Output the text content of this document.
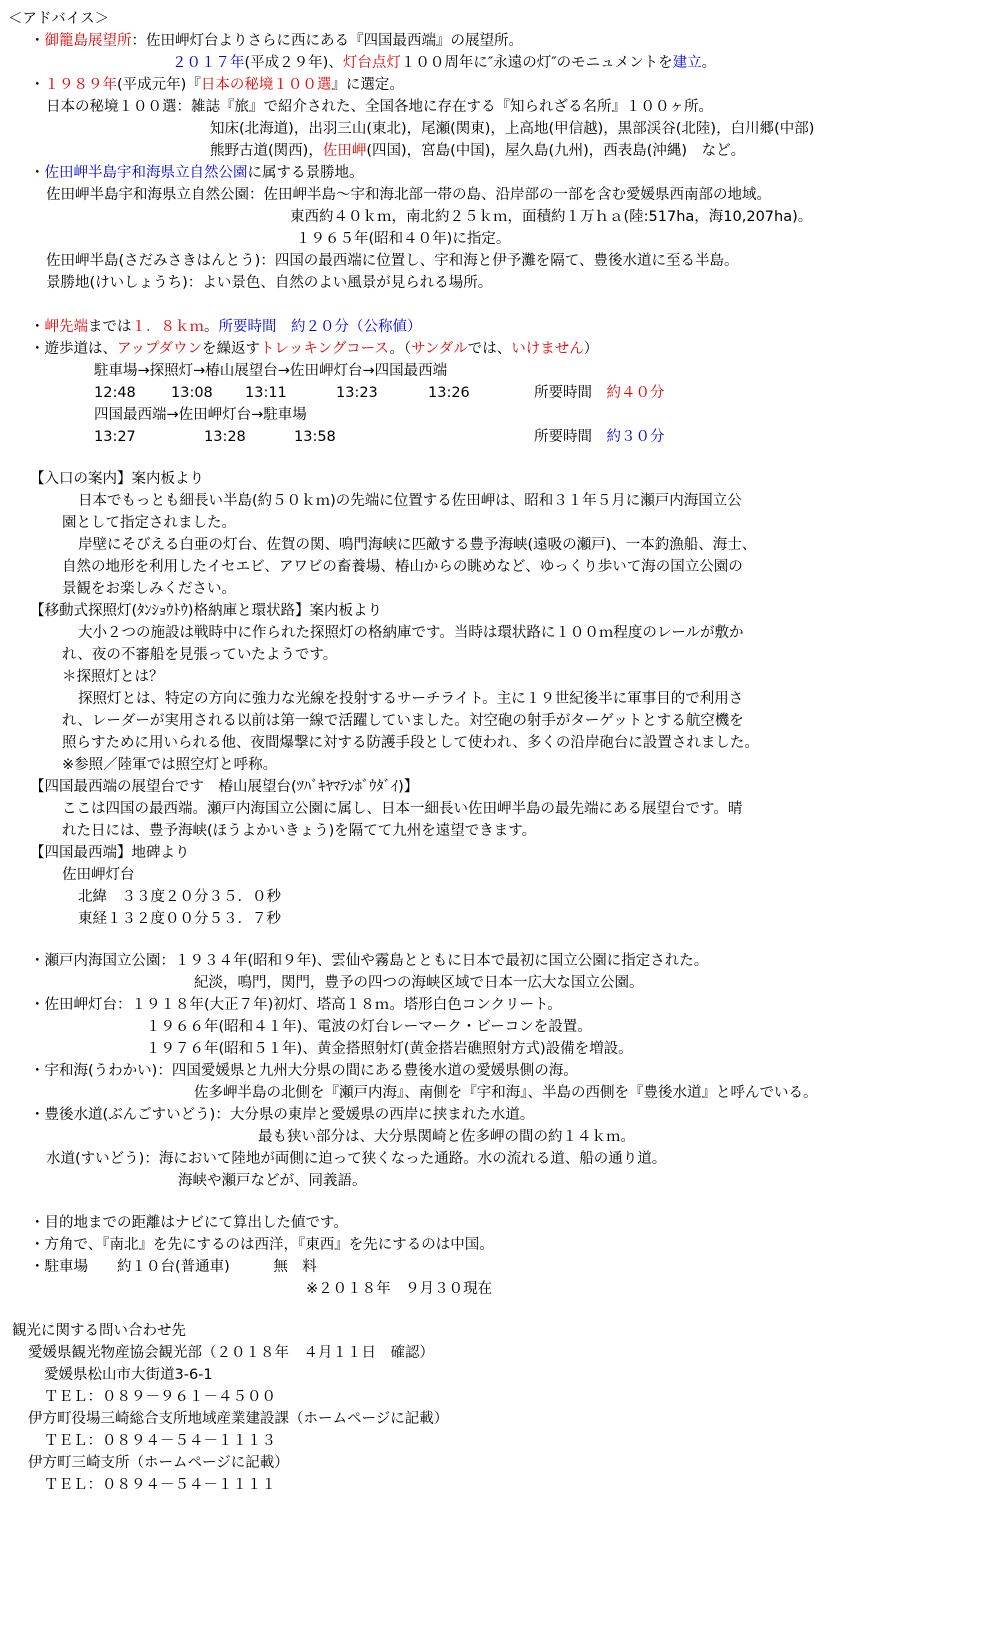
＜アドバイス＞
・御籠島展望所：佐田岬灯台よりさらに西にある『四国最西端』の展望所。
２０１７年(平成２９年)、灯台点灯１００周年に″永遠の灯″のモニュメントを建立。
・１９８９年(平成元年)『日本の秘境１００選』に選定。
日本の秘境１００選：雑誌『旅』で紹介された、全国各地に存在する『知られざる名所』１００ヶ所。
知床(北海道)，出羽三山(東北)，尾瀬(関東)，上高地(甲信越)，黒部渓谷(北陸)，白川郷(中部)
熊野古道(関西)，佐田岬(四国)，宮島(中国)，屋久島(九州)，西表島(沖縄)　など。
・佐田岬半島宇和海県立自然公園に属する景勝地。
佐田岬半島宇和海県立自然公園：佐田岬半島～宇和海北部一帯の島、沿岸部の一部を含む愛媛県西南部の地域。
東西約４０ｋｍ，南北約２５ｋｍ，面積約１万ｈａ(陸:517ha，海10,207ha)。
１９６５年(昭和４０年)に指定。
佐田岬半島(さだみさきはんとう)：四国の最西端に位置し、宇和海と伊予灘を隔て、豊後水道に至る半島。
景勝地(けいしょうち)：よい景色、自然のよい風景が見られる場所。
・岬先端までは１．８ｋｍ。所要時間　約２０分（公称値）
・遊歩道は、アップダウンを繰返すトレッキングコース。（サンダルでは、いけません）
駐車場→探照灯→椿山展望台→佐田岬灯台→四国最西端
12:48 13:08 13:11	13:23	13:26	所要時間　約４０分
四国最西端→佐田岬灯台→駐車場
13:27	13:28	13:58	所要時間　約３０分
【入口の案内】案内板より
日本でもっとも細長い半島(約５０ｋｍ)の先端に位置する佐田岬は、昭和３１年５月に瀬戸内海国立公
園として指定されました。
岸壁にそびえる白亜の灯台、佐賀の関、鳴門海峡に匹敵する豊予海峡(遠吸の瀬戸)、一本釣漁船、海士、
自然の地形を利用したイセエビ、アワビの畜養場、椿山からの眺めなど、ゆっくり歩いて海の国立公園の
景観をお楽しみください。
【移動式探照灯(ﾀﾝｼｮｳﾄｳ)格納庫と環状路】案内板より
大小２つの施設は戦時中に作られた探照灯の格納庫です。当時は環状路に１００ｍ程度のレールが敷か
れ、夜の不審船を見張っていたようです。
＊探照灯とは？
探照灯とは、特定の方向に強力な光線を投射するサーチライト。主に１９世紀後半に軍事目的で利用さ
れ、レーダーが実用される以前は第一線で活躍していました。対空砲の射手がターゲットとする航空機を
照らすために用いられる他、夜間爆撃に対する防護手段として使われ、多くの沿岸砲台に設置されました。
※参照／陸軍では照空灯と呼称。
【四国最西端の展望台です　椿山展望台(ﾂﾊﾞｷﾔﾏﾃﾝﾎﾞｳﾀﾞｲ)】
ここは四国の最西端。瀬戸内海国立公園に属し、日本一細長い佐田岬半島の最先端にある展望台です。晴
れた日には、豊予海峡(ほうよかいきょう)を隔てて九州を遠望できます。
【四国最西端】地碑より
佐田岬灯台
北緯　３３度２０分３５．０秒
東経１３２度００分５３．７秒
・瀬戸内海国立公園：１９３４年(昭和９年)、雲仙や霧島とともに日本で最初に国立公園に指定された。
紀淡，鳴門，関門，豊予の四つの海峡区域で日本一広大な国立公園。
・佐田岬灯台：１９１８年(大正７年)初灯、塔高１８ｍ。塔形白色コンクリート。
１９６６年(昭和４１年)、電波の灯台レーマーク・ビーコンを設置。
１９７６年(昭和５１年)、黄金搭照射灯(黄金搭岩礁照射方式)設備を増設。
・宇和海(うわかい)：四国愛媛県と九州大分県の間にある豊後水道の愛媛県側の海。
佐多岬半島の北側を『瀬戸内海』、南側を『宇和海』、半島の西側を『豊後水道』と呼んでいる。
・豊後水道(ぶんごすいどう)：大分県の東岸と愛媛県の西岸に挟まれた水道。
最も狭い部分は、大分県関崎と佐多岬の間の約１４ｋｍ。
水道(すいどう)：海において陸地が両側に迫って狭くなった通路。水の流れる道、船の通り道。
海峡や瀬戸などが、同義語。
・目的地までの距離はナビにて算出した値です。
・方角で、『南北』を先にするのは西洋，『東西』を先にするのは中国。
・駐車場　　約１０台(普通車)　　　無　料
※２０１８年　９月３０現在
観光に関する問い合わせ先
愛媛県観光物産協会観光部（２０１８年　４月１１日　確認）
愛媛県松山市大街道3-6-1
ＴＥＬ：０８９－９６１－４５００
伊方町役場三崎総合支所地域産業建設課（ホームページに記載）
ＴＥＬ：０８９４－５４－１１１３
伊方町三崎支所（ホームページに記載）
ＴＥＬ：０８９４－５４－１１１１
